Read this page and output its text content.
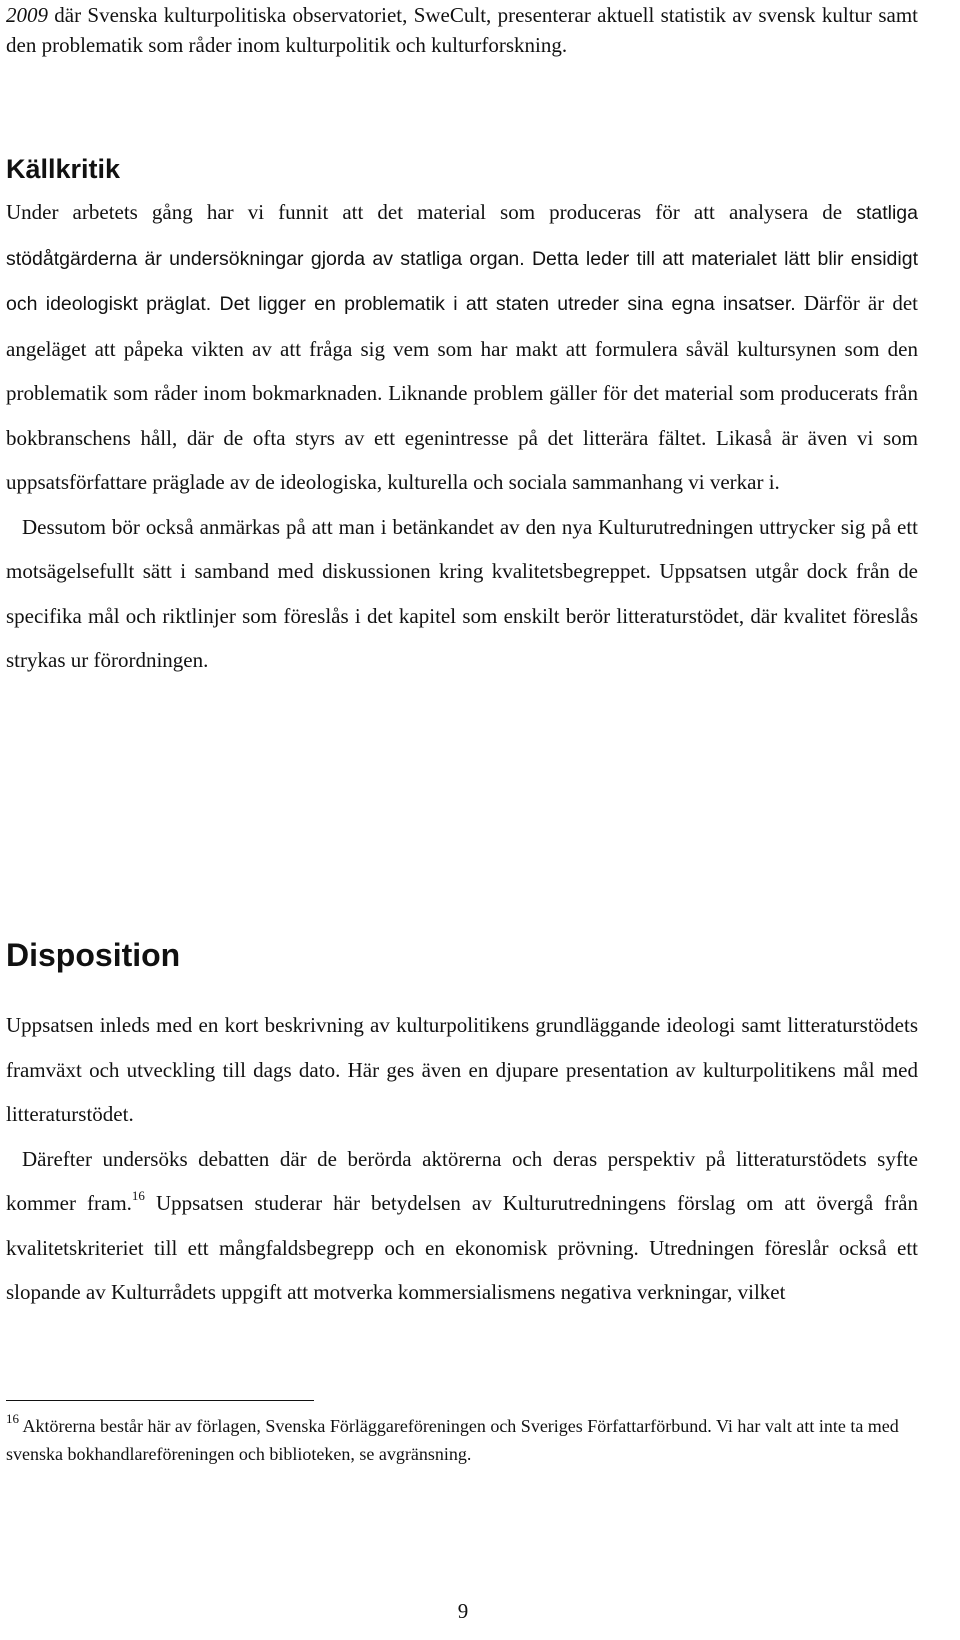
2009 där Svenska kulturpolitiska observatoriet, SweCult, presenterar aktuell statistik av svensk kultur samt den problematik som råder inom kulturpolitik och kulturforskning.

Källkritik

Under arbetets gång har vi funnit att det material som produceras för att analysera de statliga stödåtgärderna är undersökningar gjorda av statliga organ. Detta leder till att materialet lätt blir ensidigt och ideologiskt präglat. Det ligger en problematik i att staten utreder sina egna insatser. Därför är det angeläget att påpeka vikten av att fråga sig vem som har makt att formulera såväl kultursynen som den problematik som råder inom bokmarknaden. Liknande problem gäller för det material som producerats från bokbranschens håll, där de ofta styrs av ett egenintresse på det litterära fältet. Likaså är även vi som uppsatsförfattare präglade av de ideologiska, kulturella och sociala sammanhang vi verkar i.

Dessutom bör också anmärkas på att man i betänkandet av den nya Kulturutredningen uttrycker sig på ett motsägelsefullt sätt i samband med diskussionen kring kvalitetsbegreppet. Uppsatsen utgår dock från de specifika mål och riktlinjer som föreslås i det kapitel som enskilt berör litteraturstödet, där kvalitet föreslås strykas ur förordningen.

Disposition

Uppsatsen inleds med en kort beskrivning av kulturpolitikens grundläggande ideologi samt litteraturstödets framväxt och utveckling till dags dato. Här ges även en djupare presentation av kulturpolitikens mål med litteraturstödet.

Därefter undersöks debatten där de berörda aktörerna och deras perspektiv på litteraturstödets syfte kommer fram.$^{16}$ Uppsatsen studerar här betydelsen av Kulturutredningens förslag om att övergå från kvalitetskriteriet till ett mångfaldsbegrepp och en ekonomisk prövning. Utredningen föreslår också ett slopande av Kulturrådets uppgift att motverka kommersialismens negativa verkningar, vilket

$^{16}$ Aktörerna består här av förlagen, Svenska Förläggareföreningen och Sveriges Författarförbund. Vi har valt att inte ta med svenska bokhandlareföreningen och biblioteken, se avgränsning.

9
